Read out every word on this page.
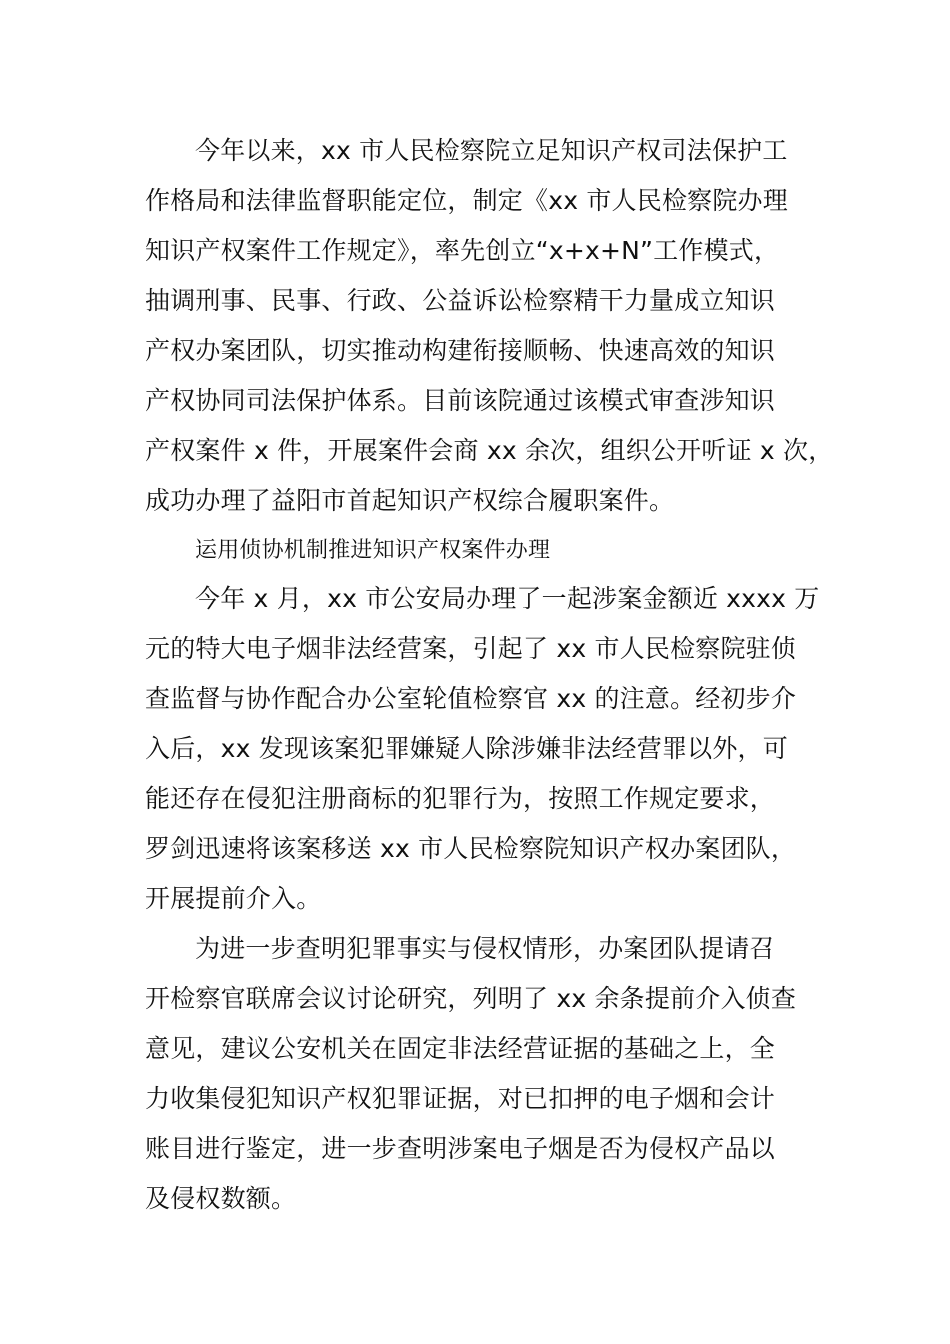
今年以来，xx 市人民检察院立足知识产权司法保护工
作格局和法律监督职能定位，制定《xx 市人民检察院办理
知识产权案件工作规定》，率先创立“x+x+N”工作模式，
抽调刑事、民事、行政、公益诉讼检察精干力量成立知识
产权办案团队，切实推动构建衔接顺畅、快速高效的知识
产权协同司法保护体系。目前该院通过该模式审查涉知识
产权案件 x 件，开展案件会商 xx 余次，组织公开听证 x 次，
成功办理了益阳市首起知识产权综合履职案件。
运用侦协机制推进知识产权案件办理
今年 x 月，xx 市公安局办理了一起涉案金额近 xxxx 万
元的特大电子烟非法经营案，引起了 xx 市人民检察院驻侦
查监督与协作配合办公室轮值检察官 xx 的注意。经初步介
入后，xx 发现该案犯罪嫌疑人除涉嫌非法经营罪以外，可
能还存在侵犯注册商标的犯罪行为，按照工作规定要求，
罗剑迅速将该案移送 xx 市人民检察院知识产权办案团队，
开展提前介入。
为进一步查明犯罪事实与侵权情形，办案团队提请召
开检察官联席会议讨论研究，列明了 xx 余条提前介入侦查
意见，建议公安机关在固定非法经营证据的基础之上，全
力收集侵犯知识产权犯罪证据，对已扣押的电子烟和会计
账目进行鉴定，进一步查明涉案电子烟是否为侵权产品以
及侵权数额。
